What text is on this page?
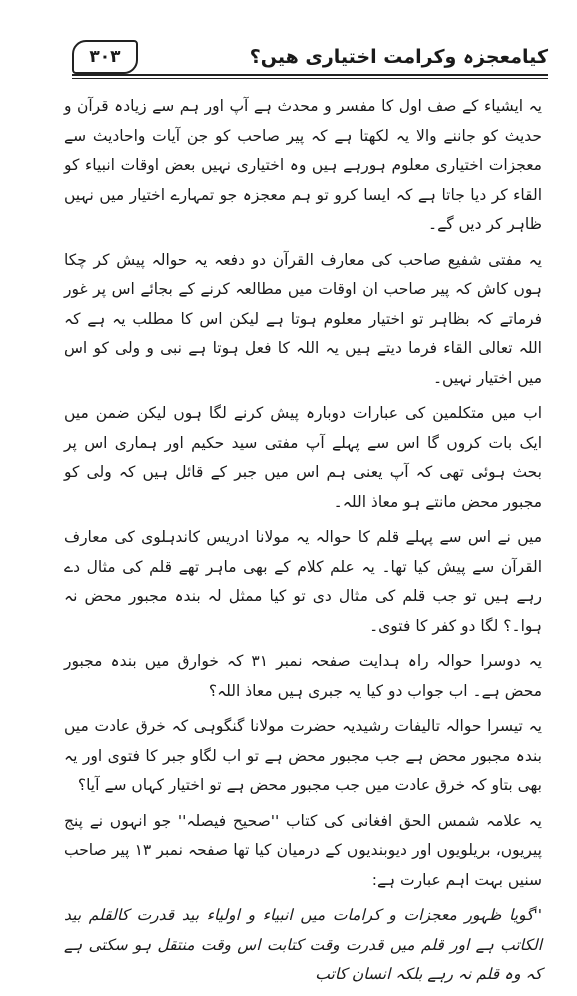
۳۰۳	کیامعجزہ وکرامت اختیاری ھیں؟

یہ ایشیاء کے صف اول کا مفسر و محدث ہے آپ اور ہم سے زیادہ قرآن و حدیث کو جاننے والا یہ لکھتا ہے کہ پیر صاحب کو جن آیات واحادیث سے معجزات اختیاری معلوم ہورہے ہیں وہ اختیاری نہیں بعض اوقات انبیاء کو القاء کر دیا جاتا ہے کہ ایسا کرو تو ہم معجزہ جو تمہارے اختیار میں نہیں ظاہر کر دیں گے۔

یہ مفتی شفیع صاحب کی معارف القرآن دو دفعہ یہ حوالہ پیش کر چکا ہوں کاش کہ پیر صاحب ان اوقات میں مطالعہ کرنے کے بجائے اس پر غور فرماتے کہ بظاہر تو اختیار معلوم ہوتا ہے لیکن اس کا مطلب یہ ہے کہ اللہ تعالی القاء فرما دیتے ہیں یہ اللہ کا فعل ہوتا ہے نبی و ولی کو اس میں اختیار نہیں۔

اب میں متکلمین کی عبارات دوبارہ پیش کرنے لگا ہوں لیکن ضمن میں ایک بات کروں گا اس سے پہلے آپ مفتی سید حکیم اور ہماری اس پر بحث ہوئی تھی کہ آپ یعنی ہم اس میں جبر کے قائل ہیں کہ ولی کو مجبور محض مانتے ہو معاذ اللہ۔

میں نے اس سے پہلے قلم کا حوالہ یہ مولانا ادریس کاندہلوی کی معارف القرآن سے پیش کیا تھا۔ یہ علم کلام کے بھی ماہر تھے قلم کی مثال دے رہے ہیں تو جب قلم کی مثال دی تو کیا ممثل لہ بندہ مجبور محض نہ ہوا۔؟ لگا دو کفر کا فتوی۔

یہ دوسرا حوالہ راہ ہدایت صفحہ نمبر ۳۱ کہ خوارق میں بندہ مجبور محض ہے۔ اب جواب دو کیا یہ جبری ہیں معاذ اللہ؟

یہ تیسرا حوالہ تالیفات رشیدیہ حضرت مولانا گنگوہی کہ خرق عادت میں بندہ مجبور محض ہے جب مجبور محض ہے تو اب لگاو جبر کا فتوی اور یہ بھی بتاو کہ خرق عادت میں جب مجبور محض ہے تو اختیار کہاں سے آیا؟

یہ علامہ شمس الحق افغانی کی کتاب ''صحیح فیصلہ'' جو انہوں نے پنج پیریوں، بریلویوں اور دیوبندیوں کے درمیان کیا تھا صفحہ نمبر ۱۳ پیر صاحب سنیں بہت اہم عبارت ہے:

''گویا ظہور معجزات و کرامات میں انبیاء و اولیاء بید قدرت کالقلم بید الکاتب ہے اور قلم میں قدرت وقت کتابت اس وقت منتقل ہو سکتی ہے کہ وہ قلم نہ رہے بلکہ انسان کاتب
